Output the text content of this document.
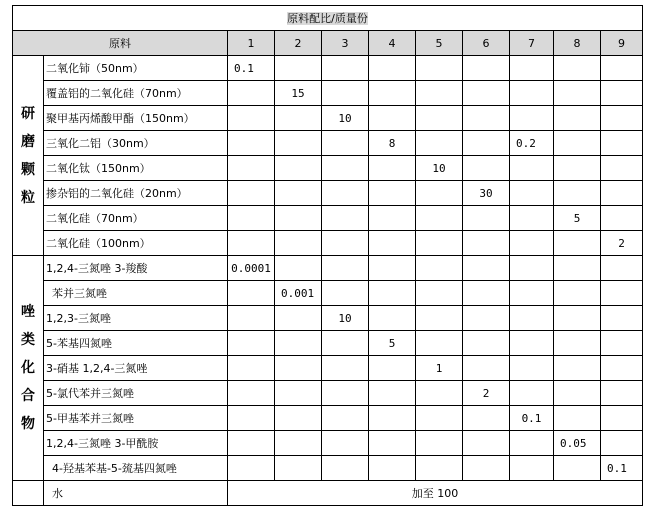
原料配比/质量份										
原料		1	2	3	4	5	6	7	8	9
研磨颗粒	二氧化铈（50nm）	0.1								
	覆盖铝的二氧化硅（70nm）		15							
	聚甲基丙烯酸甲酯（150nm）			10						
	三氧化二铝（30nm）				8			0.2		
	二氧化钛（150nm）					10				
	掺杂铝的二氧化硅（20nm）						30			
	二氧化硅（70nm）								5	
	二氧化硅（100nm）									2
唑类化合物	1,2,4-三氮唑 3-羧酸	0.0001								
	苯并三氮唑		0.001							
	1,2,3-三氮唑			10						
	5-苯基四氮唑				5					
	3-硝基 1,2,4-三氮唑					1				
	5-氯代苯并三氮唑						2			
	5-甲基苯并三氮唑							0.1		
	1,2,4-三氮唑 3-甲酰胺								0.05	
	4-羟基苯基-5-巯基四氮唑									0.1
	水	加至 100								
